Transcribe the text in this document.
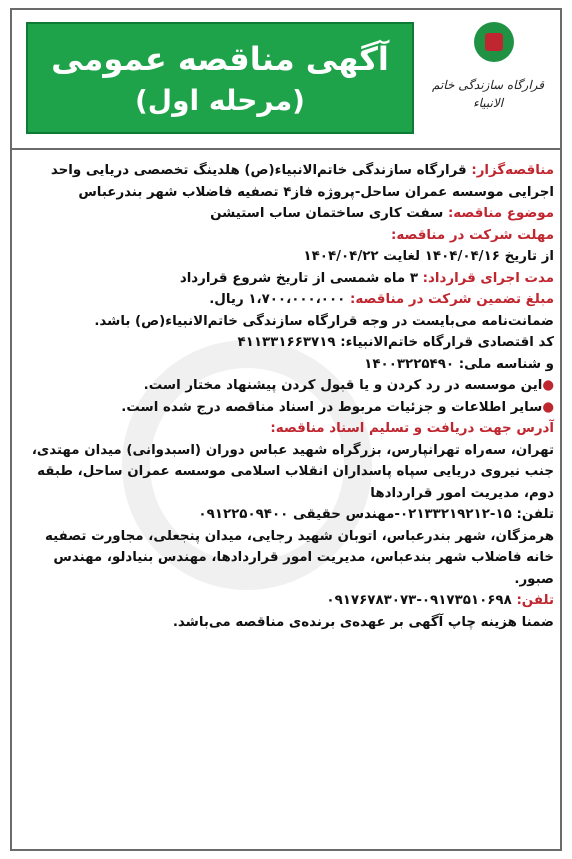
آگهی مناقصه عمومی
(مرحله اول)	قرارگاه سازندگی خاتم الانبیاء

مناقصه‌گزار: قرارگاه سازندگی خاتم‌الانبیاء(ص) هلدینگ تخصصی دریایی واحد اجرایی موسسه عمران ساحل-پروژه فاز۴ تصفیه فاضلاب شهر بندرعباس

موضوع مناقصه: سفت کاری ساختمان ساب استیشن

مهلت شرکت در مناقصه:

از تاریخ ۱۴۰۴/۰۴/۱۶ لغایت ۱۴۰۴/۰۴/۲۲

مدت اجرای قرارداد: ۳ ماه شمسی از تاریخ شروع قرارداد

مبلغ تضمین شرکت در مناقصه: ۱،۷۰۰،۰۰۰،۰۰۰ ریال.

ضمانت‌نامه می‌بایست در وجه قرارگاه سازندگی خاتم‌الانبیاء(ص) باشد.

کد اقتصادی قرارگاه خاتم‌الانبیاء: ۴۱۱۳۳۱۶۶۳۷۱۹

و شناسه ملی: ۱۴۰۰۳۲۲۵۴۹۰

●این موسسه در رد کردن و یا قبول کردن پیشنهاد مختار است.

●سایر اطلاعات و جزئیات مربوط در اسناد مناقصه درج شده است.

آدرس جهت دریافت و تسلیم اسناد مناقصه:

تهران، سه‌راه تهرانپارس، بزرگراه شهید عباس دوران (اسبدوانی) میدان مهتدی، جنب نیروی دریایی سپاه پاسداران انقلاب اسلامی موسسه عمران ساحل، طبقه دوم، مدیریت امور قراردادها

تلفن: ۱۵-۰۲۱۳۳۲۱۹۲۱۲-مهندس حقیقی ۰۹۱۲۲۵۰۹۴۰۰

هرمزگان، شهر بندرعباس، اتوبان شهید رجایی، میدان پنجعلی، مجاورت تصفیه خانه فاضلاب شهر بندعباس، مدیریت امور قراردادها، مهندس بنیادلو، مهندس صبور.

تلفن: ۰۹۱۷۳۵۱۰۶۹۸-۰۹۱۷۶۷۸۳۰۷۳

ضمنا هزینه چاپ آگهی بر عهده‌ی برنده‌ی مناقصه می‌باشد.
